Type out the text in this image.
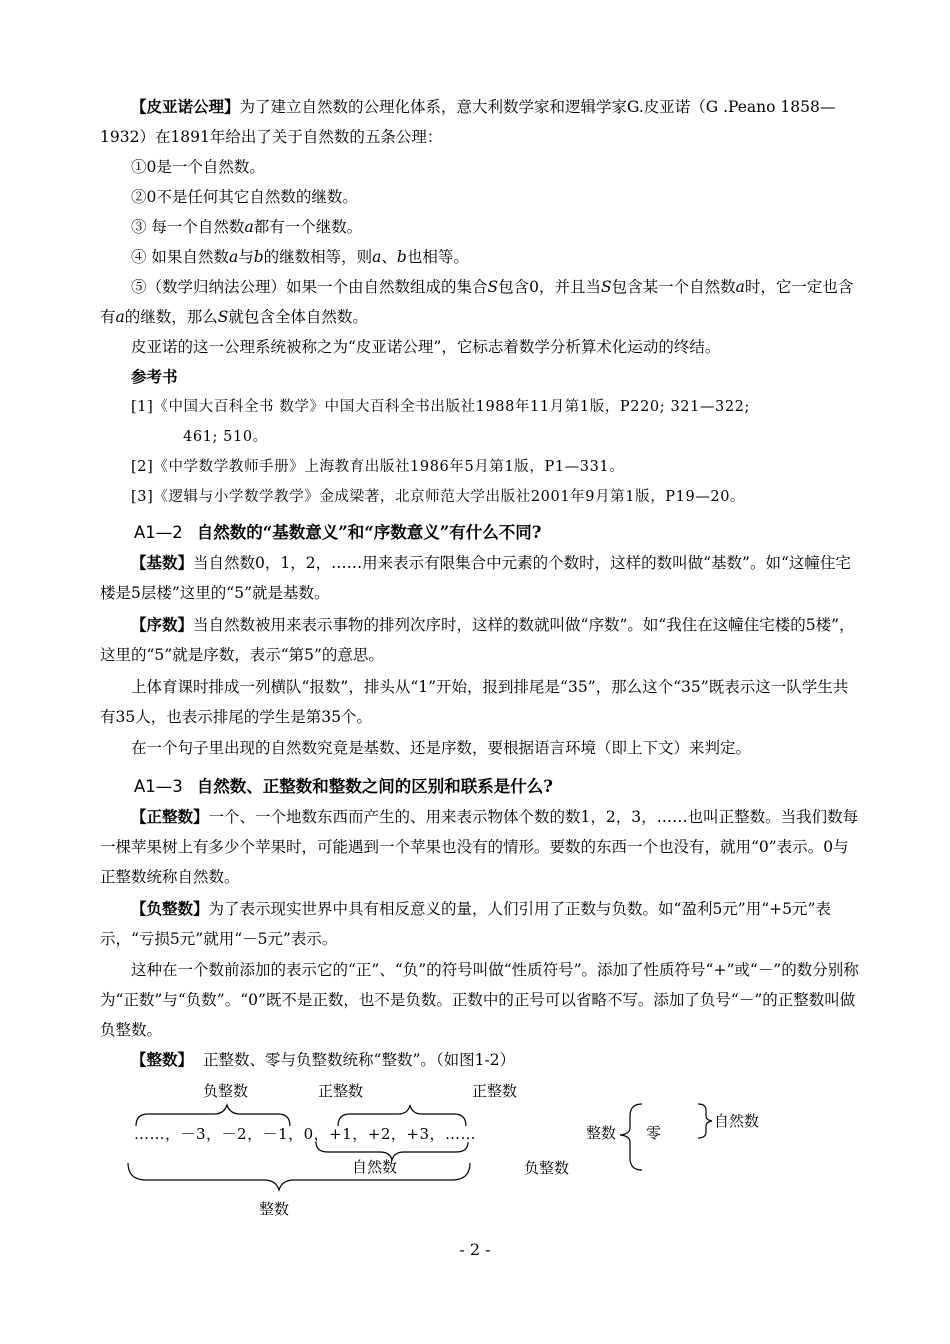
【皮亚诺公理】为了建立自然数的公理化体系，意大利数学家和逻辑学家G.皮亚诺（G .Peano 1858—1932）在1891年给出了关于自然数的五条公理：

①0是一个自然数。

②0不是任何其它自然数的继数。

③ 每一个自然数a都有一个继数。

④ 如果自然数a与b的继数相等，则a、b也相等。

⑤（数学归纳法公理）如果一个由自然数组成的集合S包含0，并且当S包含某一个自然数a时，它一定也含有a的继数，那么S就包含全体自然数。

皮亚诺的这一公理系统被称之为“皮亚诺公理”，它标志着数学分析算术化运动的终结。

参考书

[1]《中国大百科全书 数学》中国大百科全书出版社1988年11月第1版，P220; 321—322;

461; 510。

[2]《中学数学教师手册》上海教育出版社1986年5月第1版，P1—331。

[3]《逻辑与小学数学教学》金成梁著，北京师范大学出版社2001年9月第1版，P19—20。

A1—2 自然数的“基数意义”和“序数意义”有什么不同?

【基数】当自然数0，1，2，……用来表示有限集合中元素的个数时，这样的数叫做“基数”。如“这幢住宅楼是5层楼”这里的“5”就是基数。

【序数】当自然数被用来表示事物的排列次序时，这样的数就叫做“序数”。如“我住在这幢住宅楼的5楼”，这里的“5”就是序数，表示“第5”的意思。

上体育课时排成一列横队“报数”，排头从“1”开始，报到排尾是“35”，那么这个“35”既表示这一队学生共有35人，也表示排尾的学生是第35个。

在一个句子里出现的自然数究竟是基数、还是序数，要根据语言环境（即上下文）来判定。

A1—3 自然数、正整数和整数之间的区别和联系是什么?

【正整数】一个、一个地数东西而产生的、用来表示物体个数的数1，2，3，……也叫正整数。当我们数每一棵苹果树上有多少个苹果时，可能遇到一个苹果也没有的情形。要数的东西一个也没有，就用“0”表示。0与正整数统称自然数。

【负整数】为了表示现实世界中具有相反意义的量，人们引用了正数与负数。如“盈利5元”用“+5元”表示，“亏损5元”就用“－5元”表示。

这种在一个数前添加的表示它的“正”、“负”的符号叫做“性质符号”。添加了性质符号“+”或“－”的数分别称为“正数”与“负数”。“0”既不是正数，也不是负数。正数中的正号可以省略不写。添加了负号“－”的正整数叫做负整数。

【整数】 正整数、零与负整数统称“整数”。（如图1-2）

负整数	正整数	正整数
……，－3，－2，－1，0，+1，+2，+3，……
自然数
整数
整数 零
自然数
负整数
- 2 -
